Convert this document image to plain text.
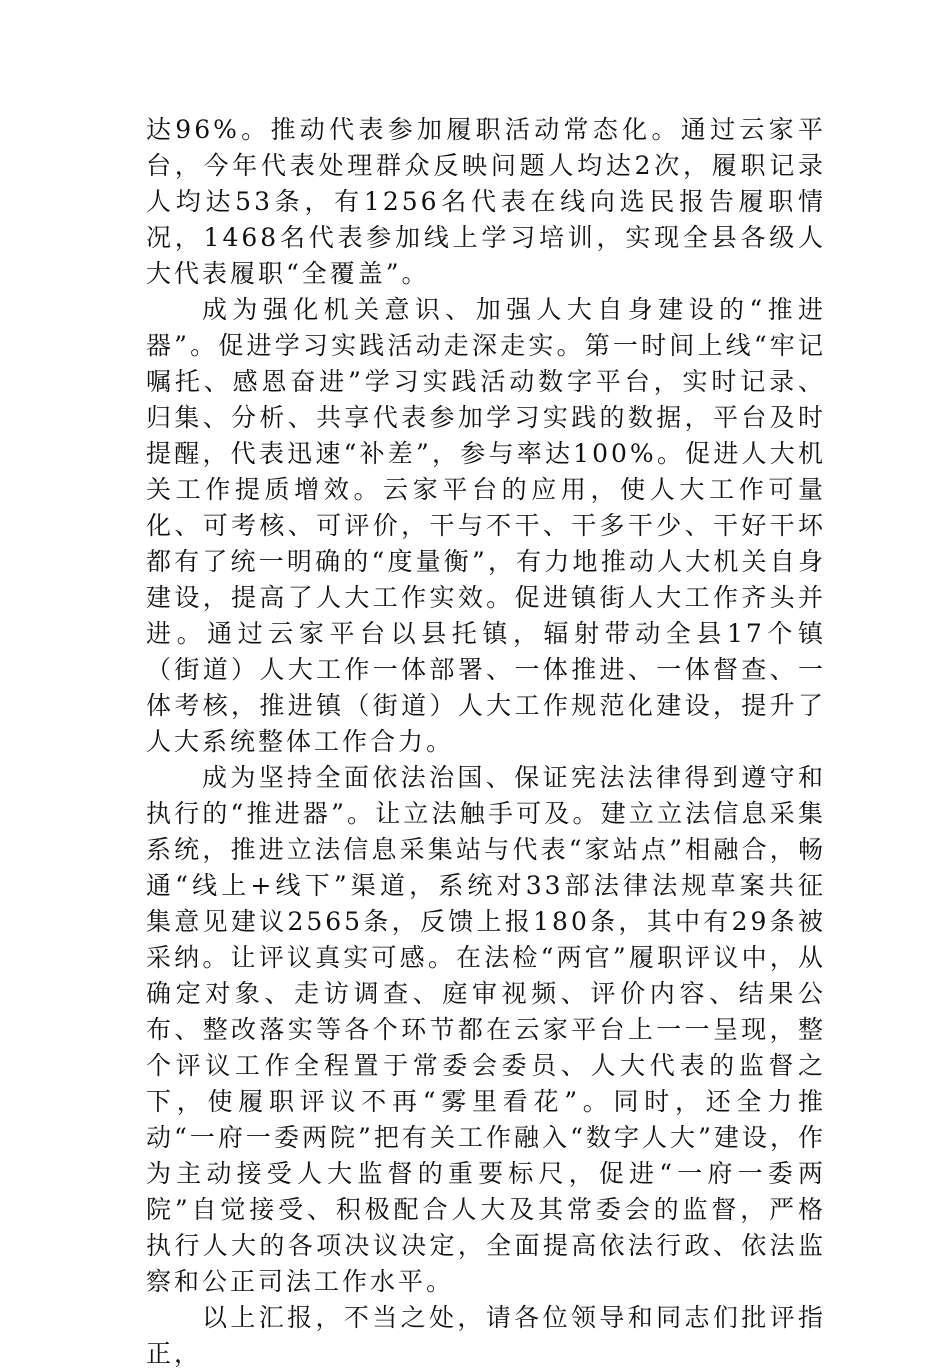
达96%。推动代表参加履职活动常态化。通过云家平台，今年代表处理群众反映问题人均达2次，履职记录人均达53条，有1256名代表在线向选民报告履职情况，1468名代表参加线上学习培训，实现全县各级人大代表履职“全覆盖”。

成为强化机关意识、加强人大自身建设的“推进器”。促进学习实践活动走深走实。第一时间上线“牢记嘱托、感恩奋进”学习实践活动数字平台，实时记录、归集、分析、共享代表参加学习实践的数据，平台及时提醒，代表迅速“补差”，参与率达100%。促进人大机关工作提质增效。云家平台的应用，使人大工作可量化、可考核、可评价，干与不干、干多干少、干好干坏都有了统一明确的“度量衡”，有力地推动人大机关自身建设，提高了人大工作实效。促进镇街人大工作齐头并进。通过云家平台以县托镇，辐射带动全县17个镇（街道）人大工作一体部署、一体推进、一体督查、一体考核，推进镇（街道）人大工作规范化建设，提升了人大系统整体工作合力。

成为坚持全面依法治国、保证宪法法律得到遵守和执行的“推进器”。让立法触手可及。建立立法信息采集系统，推进立法信息采集站与代表“家站点”相融合，畅通“线上+线下”渠道，系统对33部法律法规草案共征集意见建议2565条，反馈上报180条，其中有29条被采纳。让评议真实可感。在法检“两官”履职评议中，从确定对象、走访调查、庭审视频、评价内容、结果公布、整改落实等各个环节都在云家平台上一一呈现，整个评议工作全程置于常委会委员、人大代表的监督之下，使履职评议不再“雾里看花”。同时，还全力推动“一府一委两院”把有关工作融入“数字人大”建设，作为主动接受人大监督的重要标尺，促进“一府一委两院”自觉接受、积极配合人大及其常委会的监督，严格执行人大的各项决议决定，全面提高依法行政、依法监察和公正司法工作水平。

以上汇报，不当之处，请各位领导和同志们批评指正，
